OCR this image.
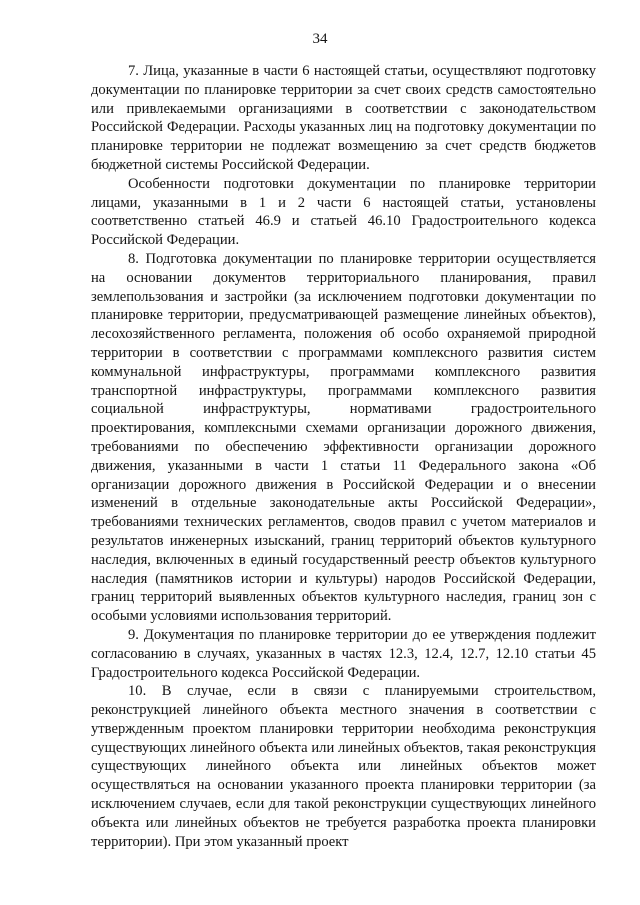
34

7. Лица, указанные в части 6 настоящей статьи, осуществляют подготовку документации по планировке территории за счет своих средств самостоятельно или привлекаемыми организациями в соответствии с законодательством Российской Федерации. Расходы указанных лиц на подготовку документации по планировке территории не подлежат возмещению за счет средств бюджетов бюджетной системы Российской Федерации.

Особенности подготовки документации по планировке территории лицами, указанными в 1 и 2 части 6 настоящей статьи, установлены соответственно статьей 46.9 и статьей 46.10 Градостроительного кодекса Российской Федерации.

8. Подготовка документации по планировке территории осуществляется на основании документов территориального планирования, правил землепользования и застройки (за исключением подготовки документации по планировке территории, предусматривающей размещение линейных объектов), лесохозяйственного регламента, положения об особо охраняемой природной территории в соответствии с программами комплексного развития систем коммунальной инфраструктуры, программами комплексного развития транспортной инфраструктуры, программами комплексного развития социальной инфраструктуры, нормативами градостроительного проектирования, комплексными схемами организации дорожного движения, требованиями по обеспечению эффективности организации дорожного движения, указанными в части 1 статьи 11 Федерального закона «Об организации дорожного движения в Российской Федерации и о внесении изменений в отдельные законодательные акты Российской Федерации», требованиями технических регламентов, сводов правил с учетом материалов и результатов инженерных изысканий, границ территорий объектов культурного наследия, включенных в единый государственный реестр объектов культурного наследия (памятников истории и культуры) народов Российской Федерации, границ территорий выявленных объектов культурного наследия, границ зон с особыми условиями использования территорий.

9. Документация по планировке территории до ее утверждения подлежит согласованию в случаях, указанных в частях 12.3, 12.4, 12.7, 12.10 статьи 45 Градостроительного кодекса Российской Федерации.

10. В случае, если в связи с планируемыми строительством, реконструкцией линейного объекта местного значения в соответствии с утвержденным проектом планировки территории необходима реконструкция существующих линейного объекта или линейных объектов, такая реконструкция существующих линейного объекта или линейных объектов может осуществляться на основании указанного проекта планировки территории (за исключением случаев, если для такой реконструкции существующих линейного объекта или линейных объектов не требуется разработка проекта планировки территории). При этом указанный проект
